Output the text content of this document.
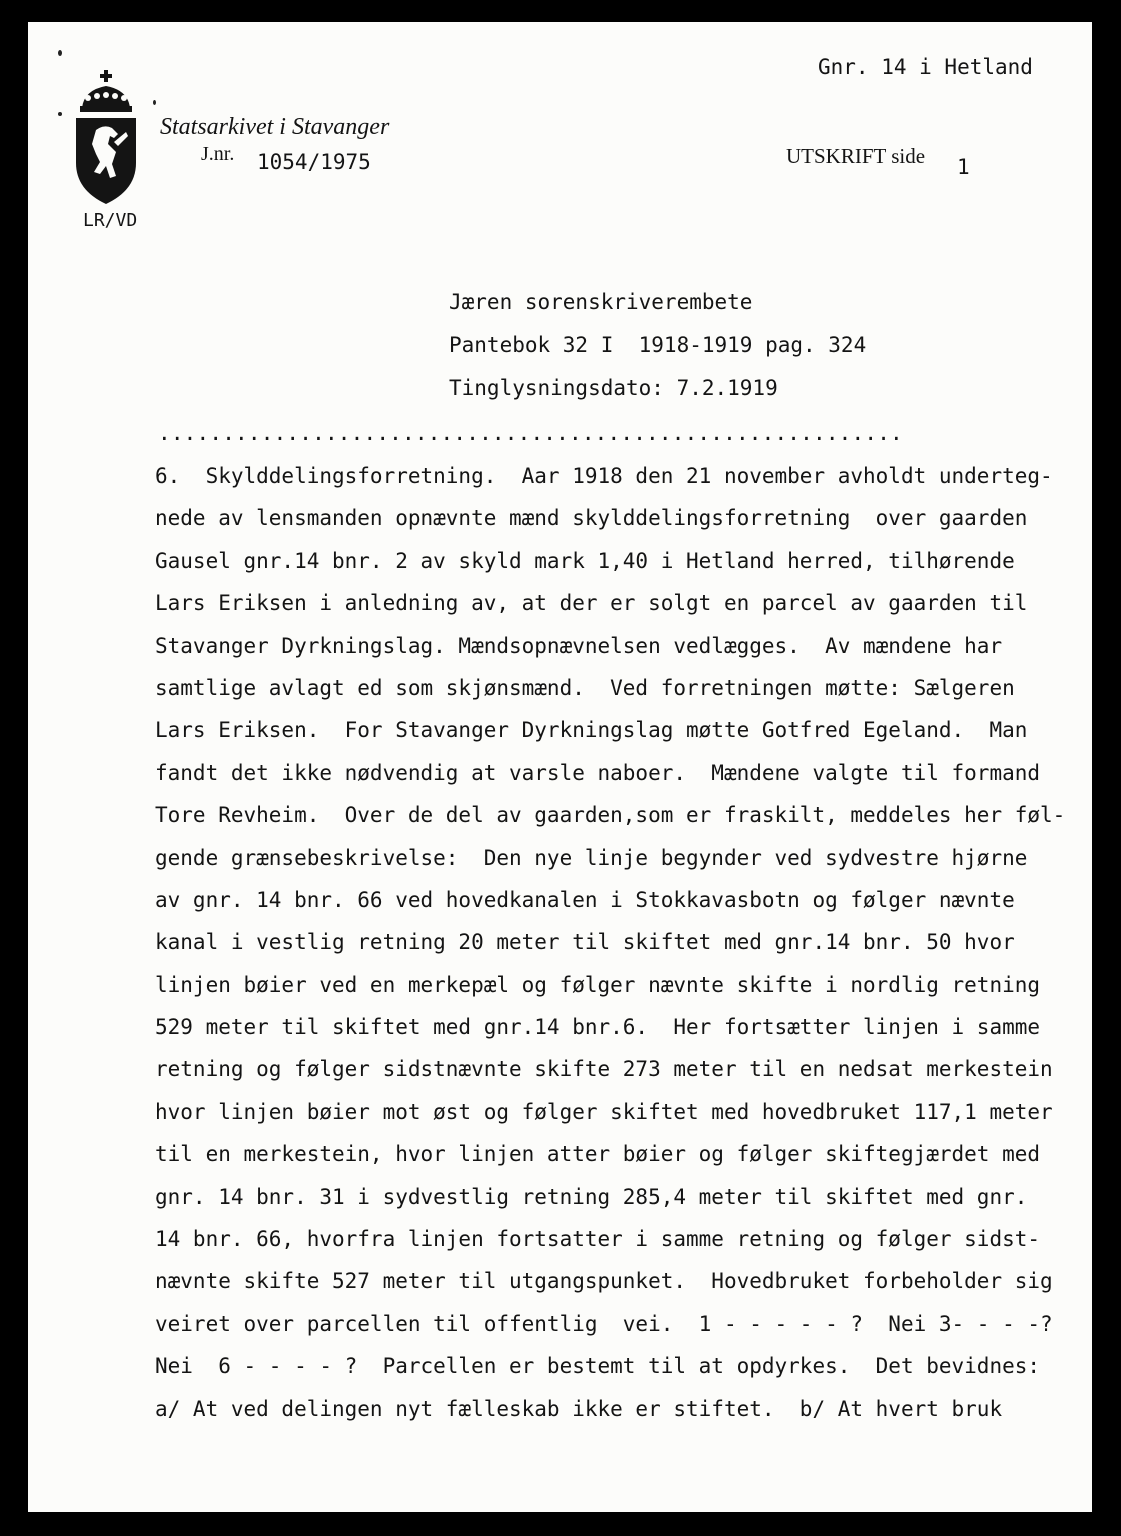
Gnr. 14 i Hetland
Statsarkivet i Stavanger
J.nr. 1054/1975	UTSKRIFT side 1
LR/VD
Jæren sorenskriverembete
Pantebok 32 I  1918-1919 pag. 324
Tinglysningsdato: 7.2.1919
..........................................................
6.  Skylddelingsforretning.  Aar 1918 den 21 november avholdt underteg-
nede av lensmanden opnævnte mænd skylddelingsforretning  over gaarden
Gausel gnr.14 bnr. 2 av skyld mark 1,40 i Hetland herred, tilhørende
Lars Eriksen i anledning av, at der er solgt en parcel av gaarden til
Stavanger Dyrkningslag. Mændsopnævnelsen vedlægges.  Av mændene har
samtlige avlagt ed som skjønsmænd.  Ved forretningen møtte: Sælgeren
Lars Eriksen.  For Stavanger Dyrkningslag møtte Gotfred Egeland.  Man
fandt det ikke nødvendig at varsle naboer.  Mændene valgte til formand
Tore Revheim.  Over de del av gaarden,som er fraskilt, meddeles her føl-
gende grænsebeskrivelse:  Den nye linje begynder ved sydvestre hjørne
av gnr. 14 bnr. 66 ved hovedkanalen i Stokkavasbotn og følger nævnte
kanal i vestlig retning 20 meter til skiftet med gnr.14 bnr. 50 hvor
linjen bøier ved en merkepæl og følger nævnte skifte i nordlig retning
529 meter til skiftet med gnr.14 bnr.6.  Her fortsætter linjen i samme
retning og følger sidstnævnte skifte 273 meter til en nedsat merkestein
hvor linjen bøier mot øst og følger skiftet med hovedbruket 117,1 meter
til en merkestein, hvor linjen atter bøier og følger skiftegjærdet med
gnr. 14 bnr. 31 i sydvestlig retning 285,4 meter til skiftet med gnr.
14 bnr. 66, hvorfra linjen fortsatter i samme retning og følger sidst-
nævnte skifte 527 meter til utgangspunket.  Hovedbruket forbeholder sig
veiret over parcellen til offentlig  vei.  1 - - - - - ?  Nei 3- - - -?
Nei  6 - - - - ?  Parcellen er bestemt til at opdyrkes.  Det bevidnes:
a/ At ved delingen nyt fælleskab ikke er stiftet.  b/ At hvert bruk
